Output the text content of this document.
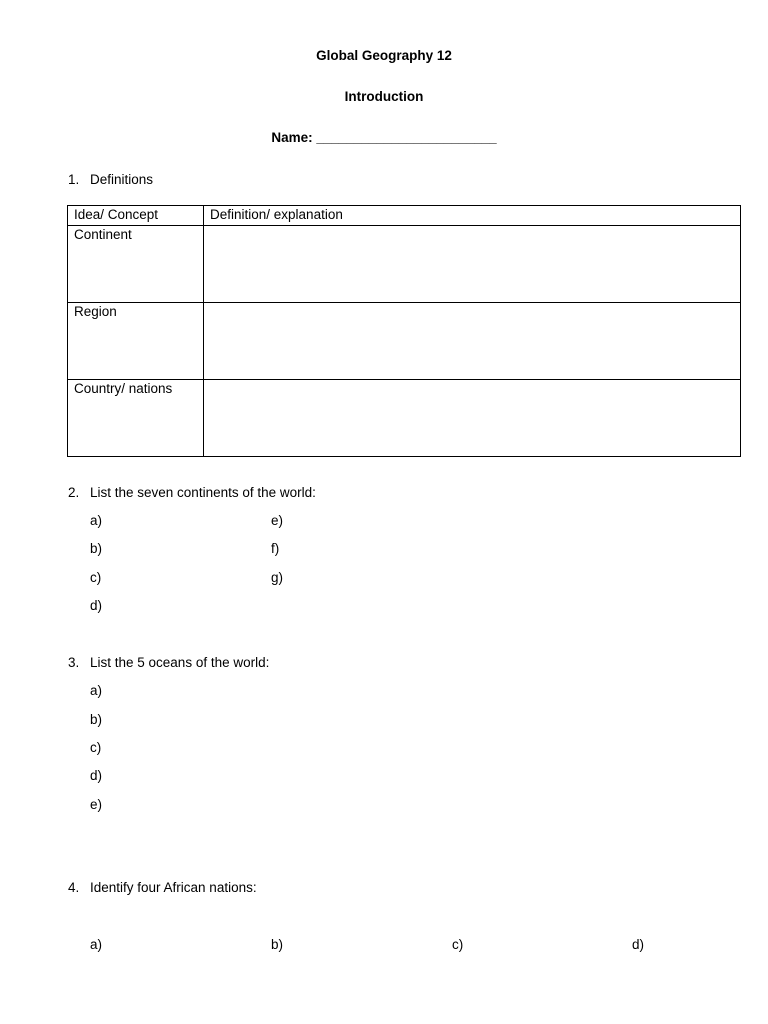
Global Geography 12
Introduction
Name: ________________________
1. Definitions
Idea/ Concept	Definition/ explanation
Continent	
Region	
Country/ nations	
2. List the seven continents of the world:
a)
b)
c)
d)
e)
f)
g)
3. List the 5 oceans of the world:
a)
b)
c)
d)
e)
4. Identify four African nations:
a)	b)	c)	d)
